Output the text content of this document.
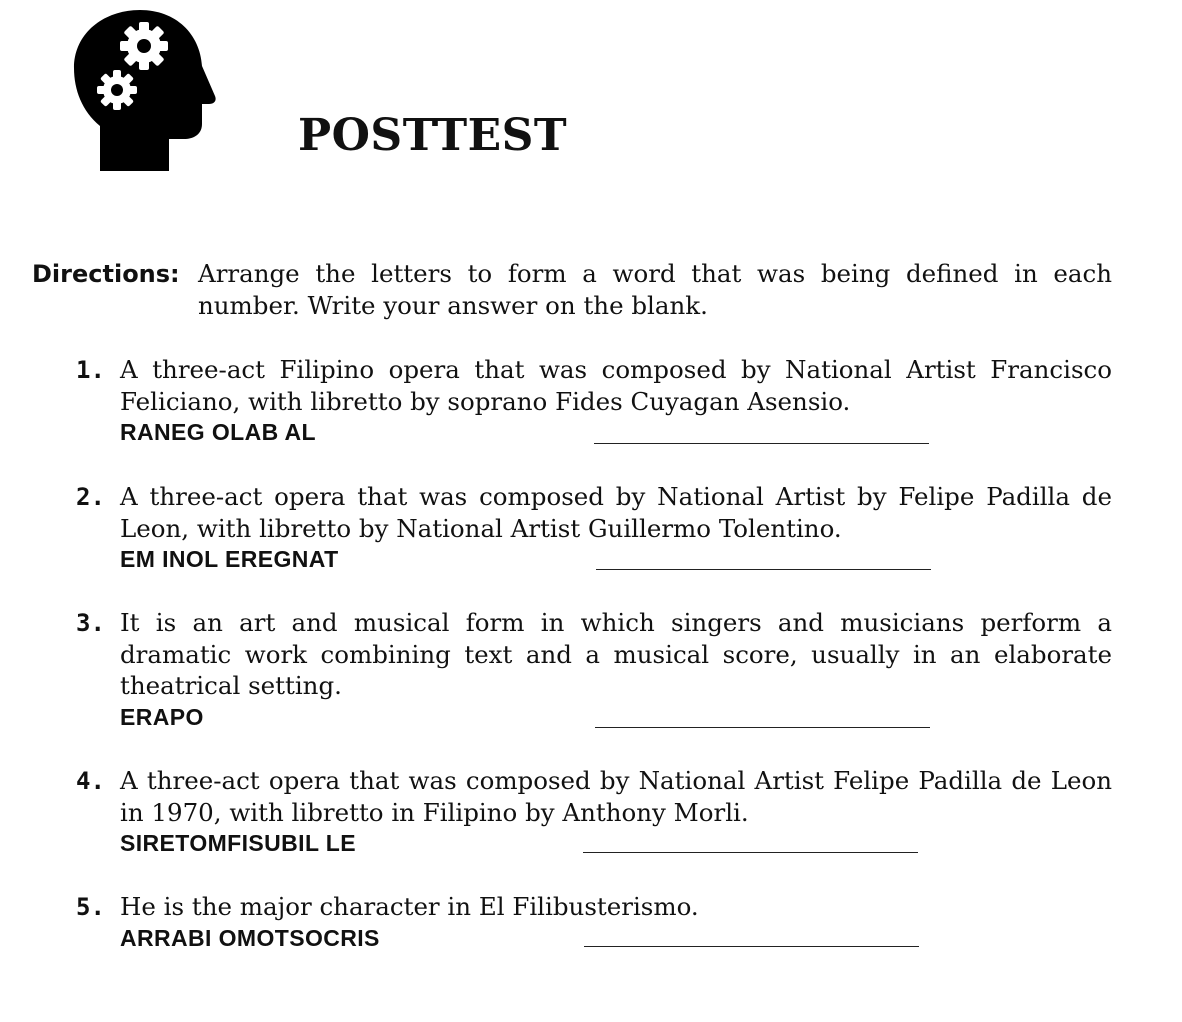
POSTTEST
Directions: Arrange the letters to form a word that was being defined in each number. Write your answer on the blank.
1. A three-act Filipino opera that was composed by National Artist Francisco Feliciano, with libretto by soprano Fides Cuyagan Asensio.
RANEG OLAB AL
2. A three-act opera that was composed by National Artist by Felipe Padilla de Leon, with libretto by National Artist Guillermo Tolentino.
EM INOL EREGNAT
3. It is an art and musical form in which singers and musicians perform a dramatic work combining text and a musical score, usually in an elaborate theatrical setting.
ERAPO
4. A three-act opera that was composed by National Artist Felipe Padilla de Leon in 1970, with libretto in Filipino by Anthony Morli.
SIRETOMFISUBIL LE
5. He is the major character in El Filibusterismo.
ARRABI OMOTSOCRIS
